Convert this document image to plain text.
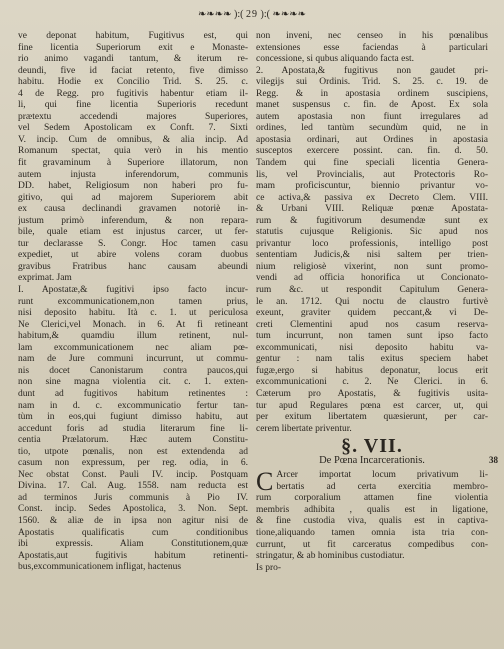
❧❧❧❧ ):( 29 ):( ❧❧❧❧
ve deponat habitum, Fugitivus est, qui
fine licentia Superiorum exit e Monaste-
rio animo vagandi tantum, & iterum re-
deundi, five id faciat retento, five dimisso
habitu. Hodie ex Concilio Trid. S. 25. c.
4 de Regg. pro fugitivis habentur etiam il-
li, qui fine licentia Superioris recedunt
prætextu accedendi majores Superiores,
vel Sedem Apostolicam ex Conft. 7. Sixti
V. incip. Cum de omnibus, & alia incip. Ad
Romanum spectat, quia verò in his mentio
fit gravaminum à Superiore illatorum, non
autem injusta inferendorum, communis
DD. habet, Religiosum non haberi pro fu-
gitivo, qui ad majorem Superiorem abit
ex causa declinandi gravamen notoriè in-
justum primò inferendum, & non repara-
bile, quale etiam est injustus carcer, ut fer-
tur declarasse S. Congr. Hoc tamen casu
expediet, ut abire volens coram duobus
gravibus Fratribus hanc causam abeundi
exprimat. Jam
I. Apostatæ,& fugitivi ipso facto incur-
runt excommunicationem,non tamen prius,
nisi deposito habitu. Ità c. 1. ut periculosa
Ne Clerici,vel Monach. in 6. At fi retineant
habitum,& quamdiu illum retinent, nul-
lam excommunicationem nec aliam pœ-
nam de Jure communi incurrunt, ut commu-
nis docet Canonistarum contra paucos,qui
non sine magna violentia cit. c. 1. exten-
dunt ad fugitivos habitum retinentes :
nam in d. c. excommunicatio fertur tan-
tùm in eos,qui fugiunt dimisso habitu, aut
accedunt foris ad studia literarum fine li-
centia Prælatorum. Hæc autem Constitu-
tio, utpote pœnalis, non est extendenda ad
casum non expressum, per reg. odia, in 6.
Nec obstat Const. Pauli IV. incip. Postquam
Divina. 17. Cal. Aug. 1558. nam reducta est
ad terminos Juris communis à Pio IV.
Const. incip. Sedes Apostolica, 3. Non. Sept.
1560. & aliæ de in ipsa non agitur nisi de
Apostatis qualificatis cum conditionibus
ibi expressis. Aliam Constitutionem,quæ
Apostatis,aut fugitivis habitum retinenti-
bus,excommunicationem infligat, hactenus
non inveni, nec censeo in his pœnalibus
extensiones esse faciendas à particulari
concessione, si qubus aliquando facta est.
2. Apostata,& fugitivus non gaudet pri-
vilegijs sui Ordinis. Trid. S. 25. c. 19. de
Regg. & in apostasia ordinem suscipiens,
manet suspensus c. fin. de Apost. Ex sola
autem apostasia non fiunt irregulares ad
ordines, led tantùm secundùm quid, ne in
apostasia ordinari, aut Ordines in apostasia
susceptos exercere possint. can. fin. d. 50.
Tandem qui fine speciali licentia Genera-
lis, vel Provincialis, aut Protectoris Ro-
mam proficiscuntur, biennio privantur vo-
ce activa,& passiva ex Decreto Clem. VIII.
& Urbani VIII. Reliquæ pœnæ Apostata-
rum & fugitivorum desumendæ sunt ex
statutis cujusque Religionis. Sic apud nos
privantur loco professionis, intelligo post
sententiam Judicis,& nisi saltem per trien-
nium religiosè vixerint, non sunt promo-
vendi ad officia honorifica ut Concionato-
rum &c. ut respondit Capitulum Genera-
le an. 1712. Qui noctu de claustro furtivè
exeunt, graviter quidem peccant,& vi De-
creti Clementini apud nos casum reserva-
tum incurrunt, non tamen sunt ipso facto
excommunicati, nisi deposito habitu va-
gentur : nam talis exitus speciem habet
fugæ,ergo si habitus deponatur, locus erit
excommunicationi c. 2. Ne Clerici. in 6.
Cæterum pro Apostatis, & fugitivis usita-
tur apud Regulares pœna est carcer, ut, qui
per exitum libertatem quæsierunt, per car-
cerem libertate priventur.
§. VII.
De Pœna Incarcerationis.	38
C Arcer importat locum privativum li-
bertatis ad certa exercitia membro-
rum corporalium attamen fine violentia
membris adhibita , qualis est in ligatione,
& fine custodia viva, qualis est in captiva-
tione,aliquando tamen omnia ista tria con-
currunt, ut fit carceratus compedibus con-
stringatur, & ab hominibus custodiatur.
Is pro-
